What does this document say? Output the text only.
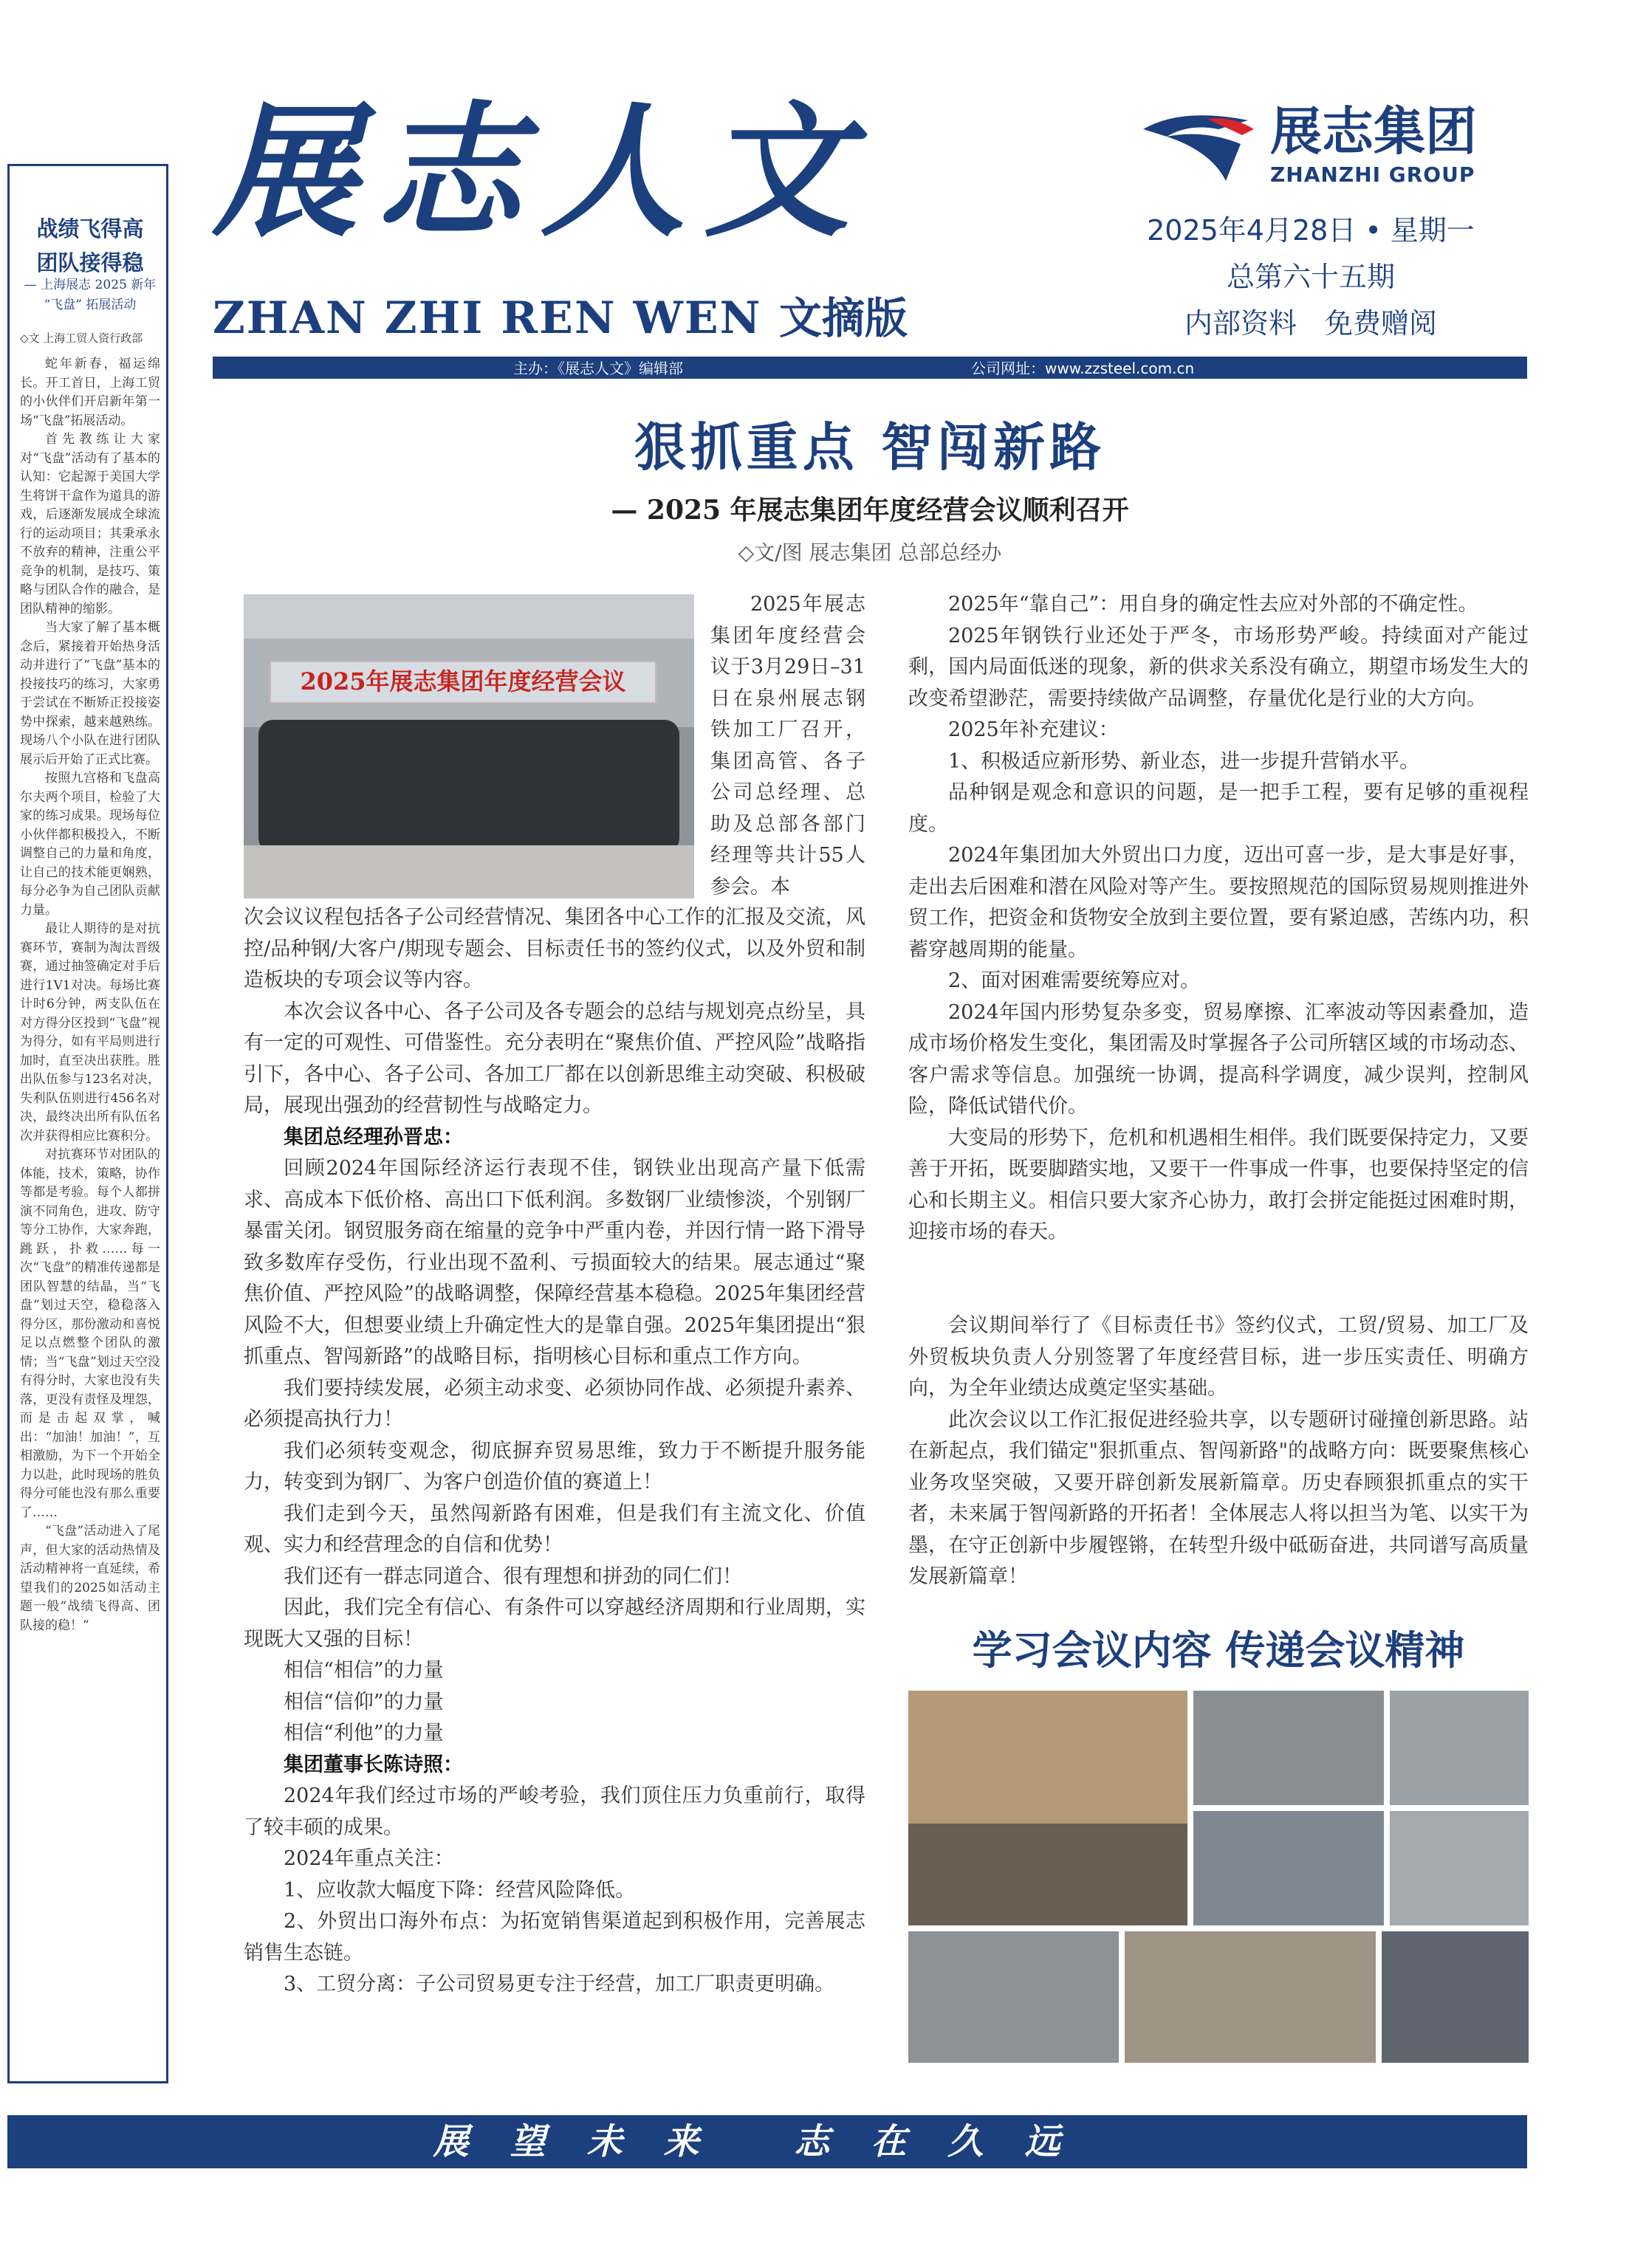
战绩飞得高
团队接得稳
— 上海展志 2025 新年
“飞盘” 拓展活动
◇文 上海工贸人资行政部

蛇年新春，福运绵长。开工首日，上海工贸的小伙伴们开启新年第一场“飞盘”拓展活动。

首先教练让大家对“飞盘”活动有了基本的认知：它起源于美国大学生将饼干盒作为道具的游戏，后逐渐发展成全球流行的运动项目；其秉承永不放弃的精神，注重公平竞争的机制，是技巧、策略与团队合作的融合，是团队精神的缩影。

当大家了解了基本概念后，紧接着开始热身活动并进行了“飞盘”基本的投接技巧的练习，大家勇于尝试在不断矫正投接姿势中探索，越来越熟练。现场八个小队在进行团队展示后开始了正式比赛。

按照九宫格和飞盘高尔夫两个项目，检验了大家的练习成果。现场每位小伙伴都积极投入，不断调整自己的力量和角度，让自己的技术能更娴熟，每分必争为自己团队贡献力量。

最让人期待的是对抗赛环节，赛制为淘汰晋级赛，通过抽签确定对手后进行1V1对决。每场比赛计时6分钟，两支队伍在对方得分区投到“飞盘”视为得分，如有平局则进行加时，直至决出获胜。胜出队伍参与123名对决，失利队伍则进行456名对决，最终决出所有队伍名次并获得相应比赛积分。

对抗赛环节对团队的体能，技术，策略，协作等都是考验。每个人都拼演不同角色，进攻、防守等分工协作，大家奔跑，跳跃，扑救……每一次“飞盘”的精准传递都是团队智慧的结晶，当“飞盘”划过天空，稳稳落入得分区，那份激动和喜悦足以点燃整个团队的激情；当“飞盘”划过天空没有得分时，大家也没有失落，更没有责怪及埋怨，而是击起双掌，喊出：“加油！加油！”，互相激励，为下一个开始全力以赴，此时现场的胜负得分可能也没有那么重要了……

“飞盘”活动进入了尾声，但大家的活动热情及活动精神将一直延续，希望我们的2025如活动主题一般“战绩飞得高、团队接的稳！”

展志人文
ZHAN ZHI REN WEN 文摘版
展志集团
ZHANZHI GROUP
2025年4月28日 • 星期一
总第六十五期
内部资料　免费赠阅
主办：《展志人文》编辑部	公司网址：www.zzsteel.com.cn
狠抓重点 智闯新路
— 2025 年展志集团年度经营会议顺利召开
◇文/图 展志集团 总部总经办
2025年展志集团年度经营会议

2025年展志集团年度经营会议于3月29日–31日在泉州展志钢铁加工厂召开，集团高管、各子公司总经理、总助及总部各部门经理等共计55人参会。本

次会议议程包括各子公司经营情况、集团各中心工作的汇报及交流，风控/品种钢/大客户/期现专题会、目标责任书的签约仪式，以及外贸和制造板块的专项会议等内容。

本次会议各中心、各子公司及各专题会的总结与规划亮点纷呈，具有一定的可观性、可借鉴性。充分表明在“聚焦价值、严控风险”战略指引下，各中心、各子公司、各加工厂都在以创新思维主动突破、积极破局，展现出强劲的经营韧性与战略定力。

集团总经理孙晋忠：

回顾2024年国际经济运行表现不佳，钢铁业出现高产量下低需求、高成本下低价格、高出口下低利润。多数钢厂业绩惨淡，个别钢厂暴雷关闭。钢贸服务商在缩量的竞争中严重内卷，并因行情一路下滑导致多数库存受伤，行业出现不盈利、亏损面较大的结果。展志通过“聚焦价值、严控风险”的战略调整，保障经营基本稳稳。2025年集团经营风险不大，但想要业绩上升确定性大的是靠自强。2025年集团提出“狠抓重点、智闯新路”的战略目标，指明核心目标和重点工作方向。

我们要持续发展，必须主动求变、必须协同作战、必须提升素养、必须提高执行力！

我们必须转变观念，彻底摒弃贸易思维，致力于不断提升服务能力，转变到为钢厂、为客户创造价值的赛道上！

我们走到今天，虽然闯新路有困难，但是我们有主流文化、价值观、实力和经营理念的自信和优势！

我们还有一群志同道合、很有理想和拼劲的同仁们！

因此，我们完全有信心、有条件可以穿越经济周期和行业周期，实现既大又强的目标！

相信“相信”的力量

相信“信仰”的力量

相信“利他”的力量

集团董事长陈诗照：

2024年我们经过市场的严峻考验，我们顶住压力负重前行，取得了较丰硕的成果。

2024年重点关注：

1、应收款大幅度下降：经营风险降低。

2、外贸出口海外布点：为拓宽销售渠道起到积极作用，完善展志销售生态链。

3、工贸分离：子公司贸易更专注于经营，加工厂职责更明确。

2025年“靠自己”：用自身的确定性去应对外部的不确定性。

2025年钢铁行业还处于严冬，市场形势严峻。持续面对产能过剩，国内局面低迷的现象，新的供求关系没有确立，期望市场发生大的改变希望渺茫，需要持续做产品调整，存量优化是行业的大方向。

2025年补充建议：

1、积极适应新形势、新业态，进一步提升营销水平。

品种钢是观念和意识的问题，是一把手工程，要有足够的重视程度。

2024年集团加大外贸出口力度，迈出可喜一步，是大事是好事，走出去后困难和潜在风险对等产生。要按照规范的国际贸易规则推进外贸工作，把资金和货物安全放到主要位置，要有紧迫感，苦练内功，积蓄穿越周期的能量。

2、面对困难需要统筹应对。

2024年国内形势复杂多变，贸易摩擦、汇率波动等因素叠加，造成市场价格发生变化，集团需及时掌握各子公司所辖区域的市场动态、客户需求等信息。加强统一协调，提高科学调度，减少误判，控制风险，降低试错代价。

大变局的形势下，危机和机遇相生相伴。我们既要保持定力，又要善于开拓，既要脚踏实地，又要干一件事成一件事，也要保持坚定的信心和长期主义。相信只要大家齐心协力，敢打会拼定能挺过困难时期，迎接市场的春天。

会议期间举行了《目标责任书》签约仪式，工贸/贸易、加工厂及外贸板块负责人分别签署了年度经营目标，进一步压实责任、明确方向，为全年业绩达成奠定坚实基础。

此次会议以工作汇报促进经验共享，以专题研讨碰撞创新思路。站在新起点，我们锚定"狠抓重点、智闯新路"的战略方向：既要聚焦核心业务攻坚突破，又要开辟创新发展新篇章。历史春顾狠抓重点的实干者，未来属于智闯新路的开拓者！全体展志人将以担当为笔、以实干为墨，在守正创新中步履铿锵，在转型升级中砥砺奋进，共同谱写高质量发展新篇章！

学习会议内容 传递会议精神
展望未来 志在久远
